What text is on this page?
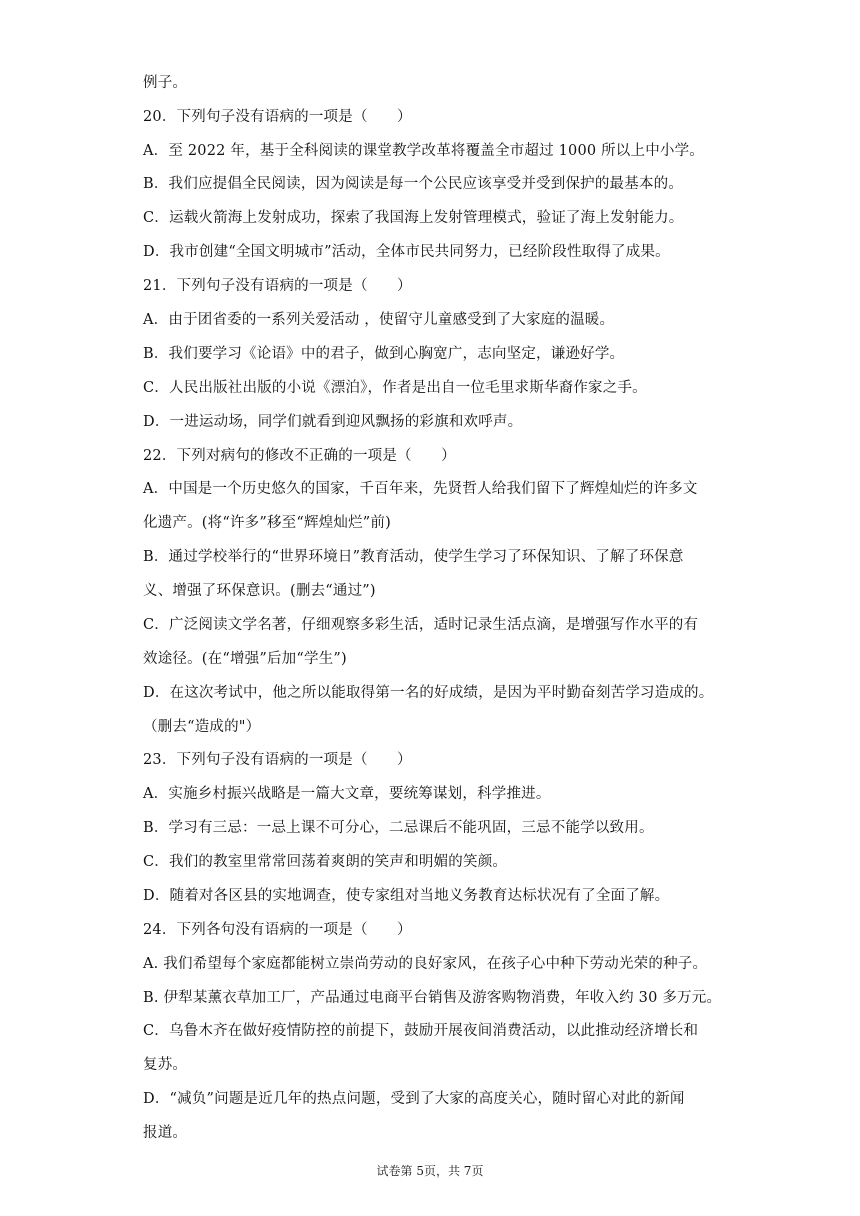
例子。
20．下列句子没有语病的一项是（　　）
A．至 2022 年，基于全科阅读的课堂教学改革将覆盖全市超过 1000 所以上中小学。
B．我们应提倡全民阅读，因为阅读是每一个公民应该享受并受到保护的最基本的。
C．运载火箭海上发射成功，探索了我国海上发射管理模式，验证了海上发射能力。
D．我市创建“全国文明城市”活动，全体市民共同努力，已经阶段性取得了成果。
21．下列句子没有语病的一项是（　　）
A．由于团省委的一系列关爱活动 ，使留守儿童感受到了大家庭的温暖。
B．我们要学习《论语》中的君子，做到心胸宽广，志向坚定，谦逊好学。
C．人民出版社出版的小说《漂泊》，作者是出自一位毛里求斯华裔作家之手。
D．一进运动场，同学们就看到迎风飘扬的彩旗和欢呼声。
22．下列对病句的修改不正确的一项是（　　）
A．中国是一个历史悠久的国家，千百年来，先贤哲人给我们留下了辉煌灿烂的许多文
化遗产。(将“许多”移至“辉煌灿烂”前)
B．通过学校举行的“世界环境日”教育活动，使学生学习了环保知识、了解了环保意
义、增强了环保意识。(删去“通过”)
C．广泛阅读文学名著，仔细观察多彩生活，适时记录生活点滴，是增强写作水平的有
效途径。(在“增强”后加“学生”)
D．在这次考试中，他之所以能取得第一名的好成绩，是因为平时勤奋刻苦学习造成的。
（删去“造成的"）
23．下列句子没有语病的一项是（　　）
A．实施乡村振兴战略是一篇大文章，要统筹谋划，科学推进。
B．学习有三忌：一忌上课不可分心，二忌课后不能巩固，三忌不能学以致用。
C．我们的教室里常常回荡着爽朗的笑声和明媚的笑颜。
D．随着对各区县的实地调查，使专家组对当地义务教育达标状况有了全面了解。
24．下列各句没有语病的一项是（　　）
A. 我们希望每个家庭都能树立崇尚劳动的良好家风，在孩子心中种下劳动光荣的种子。
B. 伊犁某薰衣草加工厂，产品通过电商平台销售及游客购物消费，年收入约 30 多万元。
C．乌鲁木齐在做好疫情防控的前提下，鼓励开展夜间消费活动，以此推动经济增长和
复苏。
D．“减负”问题是近几年的热点问题，受到了大家的高度关心，随时留心对此的新闻
报道。
试卷第 5页，共 7页
